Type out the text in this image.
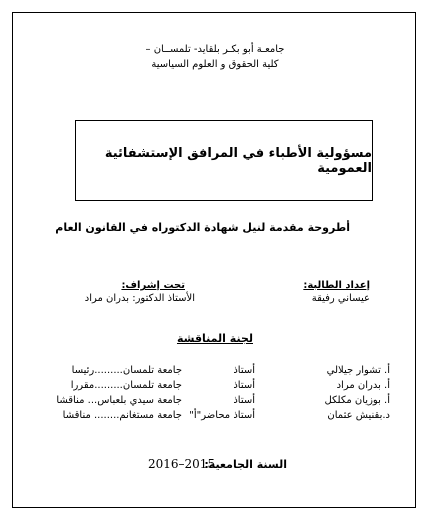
جامعـة أبو بكـر بلقايد- تلمســان –
كلية الحقوق و العلوم السياسية
مسؤولية الأطباء في المرافق الإستشفائية العمومية
أطروحة مقدمة لنيل شهادة الدكتوراه في القانون العام
إعداد الطالبة:
عيساني رفيقة
تحت إشراف:
الأستاذ الدكتور: بدران مراد
لجنة المناقشة
أ. تشوار جيلالي
أستاذ
جامعة تلمسان.........رئيسا
أ. بدران مراد
أستاذ
جامعة تلمسان.........مقررا
أ. بوزيان مكلكل
أستاذ
جامعة سيدي بلعباس... مناقشا
د.بقنيش عثمان
أستاذ محاضر"أ"
جامعة مستغانم........ مناقشا
السنة الجامعية:
2016–2015
